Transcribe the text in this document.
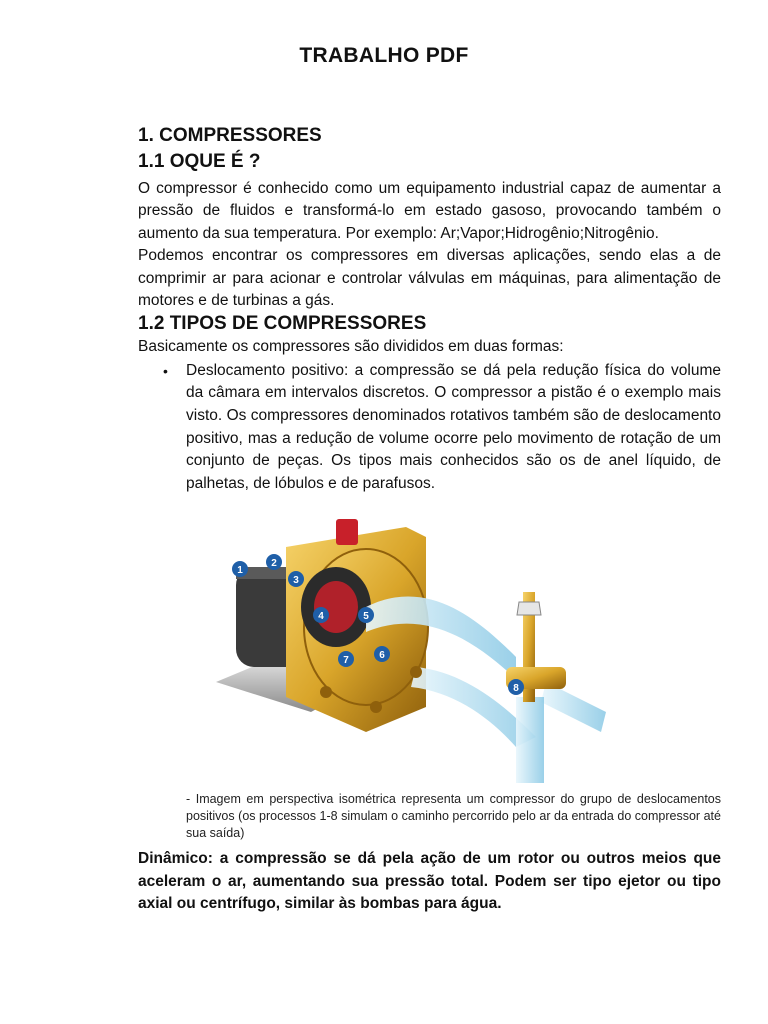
TRABALHO PDF
1. COMPRESSORES
1.1 OQUE É ?

O compressor é conhecido como um equipamento industrial capaz de aumentar a pressão de fluidos e transformá-lo em estado gasoso, provocando também o aumento da sua temperatura. Por exemplo: Ar;Vapor;Hidrogênio;Nitrogênio.

Podemos encontrar os compressores em diversas aplicações, sendo elas a de comprimir ar para acionar e controlar válvulas em máquinas, para alimentação de motores e de turbinas a gás.

1.2 TIPOS DE COMPRESSORES

Basicamente os compressores são divididos em duas formas:

• Deslocamento positivo: a compressão se dá pela redução física do volume da câmara em intervalos discretos. O compressor a pistão é o exemplo mais visto. Os compressores denominados rotativos também são de deslocamento positivo, mas a redução de volume ocorre pelo movimento de rotação de um conjunto de peças. Os tipos mais conhecidos são os de anel líquido, de palhetas, de lóbulos e de parafusos.
1
2
3
4	5
6
7
8

- Imagem em perspectiva isométrica representa um compressor do grupo de deslocamentos positivos (os processos 1-8 simulam o caminho percorrido pelo ar da entrada do compressor até sua saída)

Dinâmico: a compressão se dá pela ação de um rotor ou outros meios que aceleram o ar, aumentando sua pressão total. Podem ser tipo ejetor ou tipo axial ou centrífugo, similar às bombas para água.
